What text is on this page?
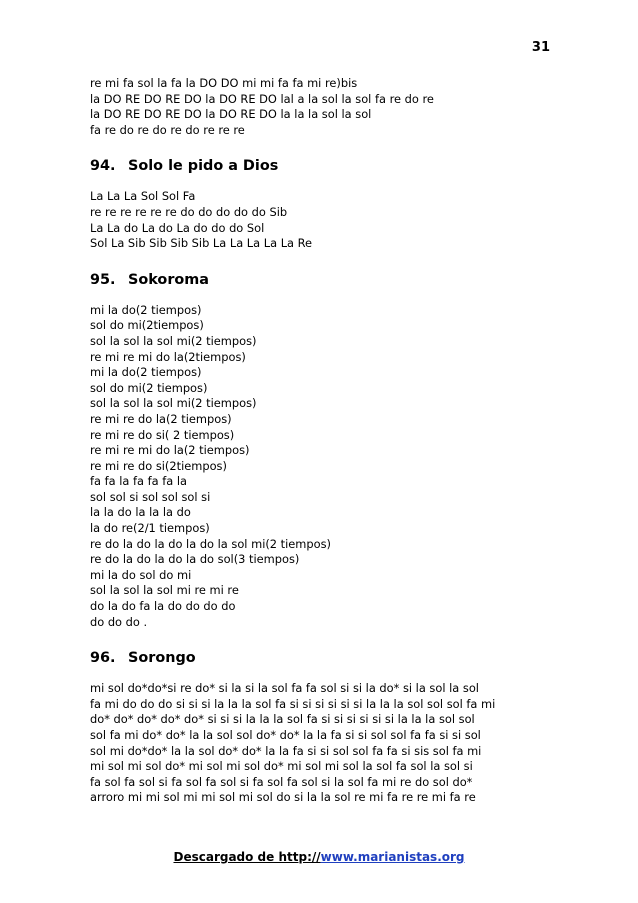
31
re mi fa sol la fa la DO DO mi mi fa fa mi re)bis
la DO RE DO RE DO la DO RE DO lal a la sol la sol fa re do re
la DO RE DO RE DO la DO RE DO la la la sol la sol
fa re do re do re do re re re
94. Solo le pido a Dios
La La La Sol Sol Fa
re re re re re re do do do do do Sib
La La do La do La do do do Sol
Sol La Sib Sib Sib Sib La La La La La Re
95. Sokoroma
mi la do(2 tiempos)
sol do mi(2tiempos)
sol la sol la sol mi(2 tiempos)
re mi re mi do la(2tiempos)
mi la do(2 tiempos)
sol do mi(2 tiempos)
sol la sol la sol mi(2 tiempos)
re mi re do la(2 tiempos)
re mi re do si( 2 tiempos)
re mi re mi do la(2 tiempos)
re mi re do si(2tiempos)
fa fa la fa fa fa la
sol sol si sol sol sol si
la la do la la la do
la do re(2/1 tiempos)
re do la do la do la do la sol mi(2 tiempos)
re do la do la do la do sol(3 tiempos)
mi la do sol do mi
sol la sol la sol mi re mi re
do la do fa la do do do do
do do do .
96. Sorongo
mi sol do*do*si re do* si la si la sol fa fa sol si si la do* si la sol la sol
fa mi do do do si si si la la la sol fa si si si si si si la la la sol sol sol fa mi
do* do* do* do* do* si si si la la la sol fa si si si si si si la la la sol sol
sol fa mi do* do* la la sol sol do* do* la la fa si si sol sol fa fa si si sol
sol mi do*do* la la sol do* do* la la fa si si sol sol fa fa si sis sol fa mi
mi sol mi sol do* mi sol mi sol do* mi sol mi sol la sol fa sol la sol si
fa sol fa sol si fa sol fa sol si fa sol fa sol si la sol fa mi re do sol do*
arroro mi mi sol mi mi sol mi sol do si la la sol re mi fa re re mi fa re
Descargado de http://www.marianistas.org
